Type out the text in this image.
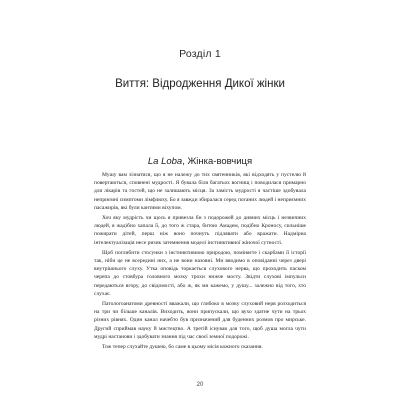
Розділ 1
Виття: Відродження Дикої жінки
La Loba, Жінка-вовчиця

Мушу вам зізнатися, що я не належу до тих святенників, які відходять у пустелю й повертаються, сповнені мудрості. Я бувала біля багатьох вогнищ і поводилася примарно для лікарів та гостей, що не залишають місця. За замість мудрості я частіше здобувала неприємні симптоми лімфлюху. Бо я завжди збиралася серед поганих людей і неприємних пасажирів, які були кантими віхупом.

Хоч яку мудрість чи щось я привезла би з подорожей до дивних місць і незвичних людей, я жадібно хапала її, до того ж стара, битою Амадем, подібно Кроносу, сильніше пожирати дітей, перш ніж воно почнуть підлявати або вражати. Надмірна інтелектуалізація несе ризик затемнення моделі інстинктивної жіночої сутності.

Щоб поглибити стосунки з інстинктивною природою, поміняєте і скарбами її історії так, ніби це не всередині них, а не вони назовні. Ми вводимо в оповіданні через двері внутрішнього слуху. Утка оповідь торкається слухового нерва, що проходить паском черепа до стовбура головного мозку трохи нижче мосту. Звідти слухові імпульси передаються вгору, до свідомості, або ж, як ми кажемо, у душу... залежно від того, хто слухає.

Патологоанатоми древності вважали, що глибоко в мозку слуховий нерв розходиться на три чи більше каналів. Виходить, вони припускали, що вухо здатне чути на трьох різних рівнях. Один канал начебто був призначений для буденних розмов про мирське. Другий сприймав науку й мистецтво. А третій існував для того, щоб душа могла чути мудрі настанови і здобувати знання під час своєї земної подорожі.

Тож тепер слухайте душею, бо саме в цьому місія кожного сказання.

20
